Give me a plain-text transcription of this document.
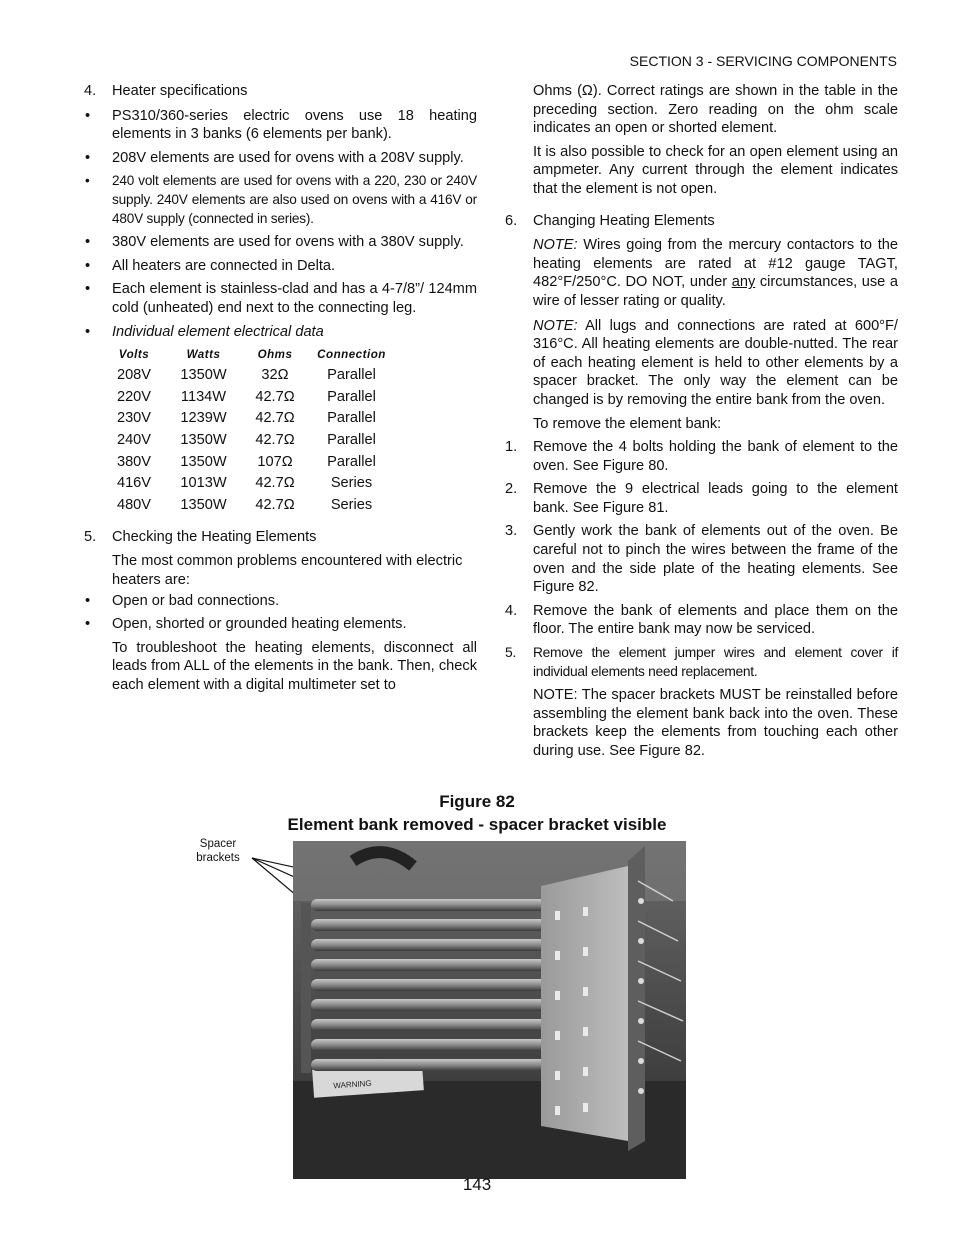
SECTION 3 - SERVICING COMPONENTS
4. Heater specifications
• PS310/360-series electric ovens use 18 heating elements in 3 banks (6 elements per bank).
• 208V elements are used for ovens with a 208V supply.
• 240 volt elements are used for ovens with a 220, 230 or 240V supply. 240V elements are also used on ovens with a 416V or 480V supply (connected in series).
• 380V elements are used for ovens with a 380V supply.
• All heaters are connected in Delta.
• Each element is stainless-clad and has a 4-7/8”/ 124mm cold (unheated) end next to the connecting leg.
• Individual element electrical data
Volts	Watts	Ohms	Connection
208V	1350W	32Ω	Parallel
220V	1134W	42.7Ω	Parallel
230V	1239W	42.7Ω	Parallel
240V	1350W	42.7Ω	Parallel
380V	1350W	107Ω	Parallel
416V	1013W	42.7Ω	Series
480V	1350W	42.7Ω	Series
5. Checking the Heating Elements

The most common problems encountered with electric heaters are:

• Open or bad connections.
• Open, shorted or grounded heating elements.

To troubleshoot the heating elements, disconnect all leads from ALL of the elements in the bank. Then, check each element with a digital multimeter set to

Ohms (Ω). Correct ratings are shown in the table in the preceding section. Zero reading on the ohm scale indicates an open or shorted element.

It is also possible to check for an open element using an ampmeter. Any current through the element indicates that the element is not open.

6. Changing Heating Elements

NOTE: Wires going from the mercury contactors to the heating elements are rated at #12 gauge TAGT, 482°F/250°C. DO NOT, under any circumstances, use a wire of lesser rating or quality.

NOTE: All lugs and connections are rated at 600°F/ 316°C. All heating elements are double-nutted. The rear of each heating element is held to other elements by a spacer bracket. The only way the element can be changed is by removing the entire bank from the oven.

To remove the element bank:

1. Remove the 4 bolts holding the bank of element to the oven. See Figure 80.
2. Remove the 9 electrical leads going to the element bank. See Figure 81.
3. Gently work the bank of elements out of the oven. Be careful not to pinch the wires between the frame of the oven and the side plate of the heating elements. See Figure 82.
4. Remove the bank of elements and place them on the floor. The entire bank may now be serviced.
5. Remove the element jumper wires and element cover if individual elements need replacement.

NOTE: The spacer brackets MUST be reinstalled before assembling the element bank back into the oven. These brackets keep the elements from touching each other during use. See Figure 82.

Figure 82
Element bank removed - spacer bracket visible
Spacer
brackets
WARNING
143
